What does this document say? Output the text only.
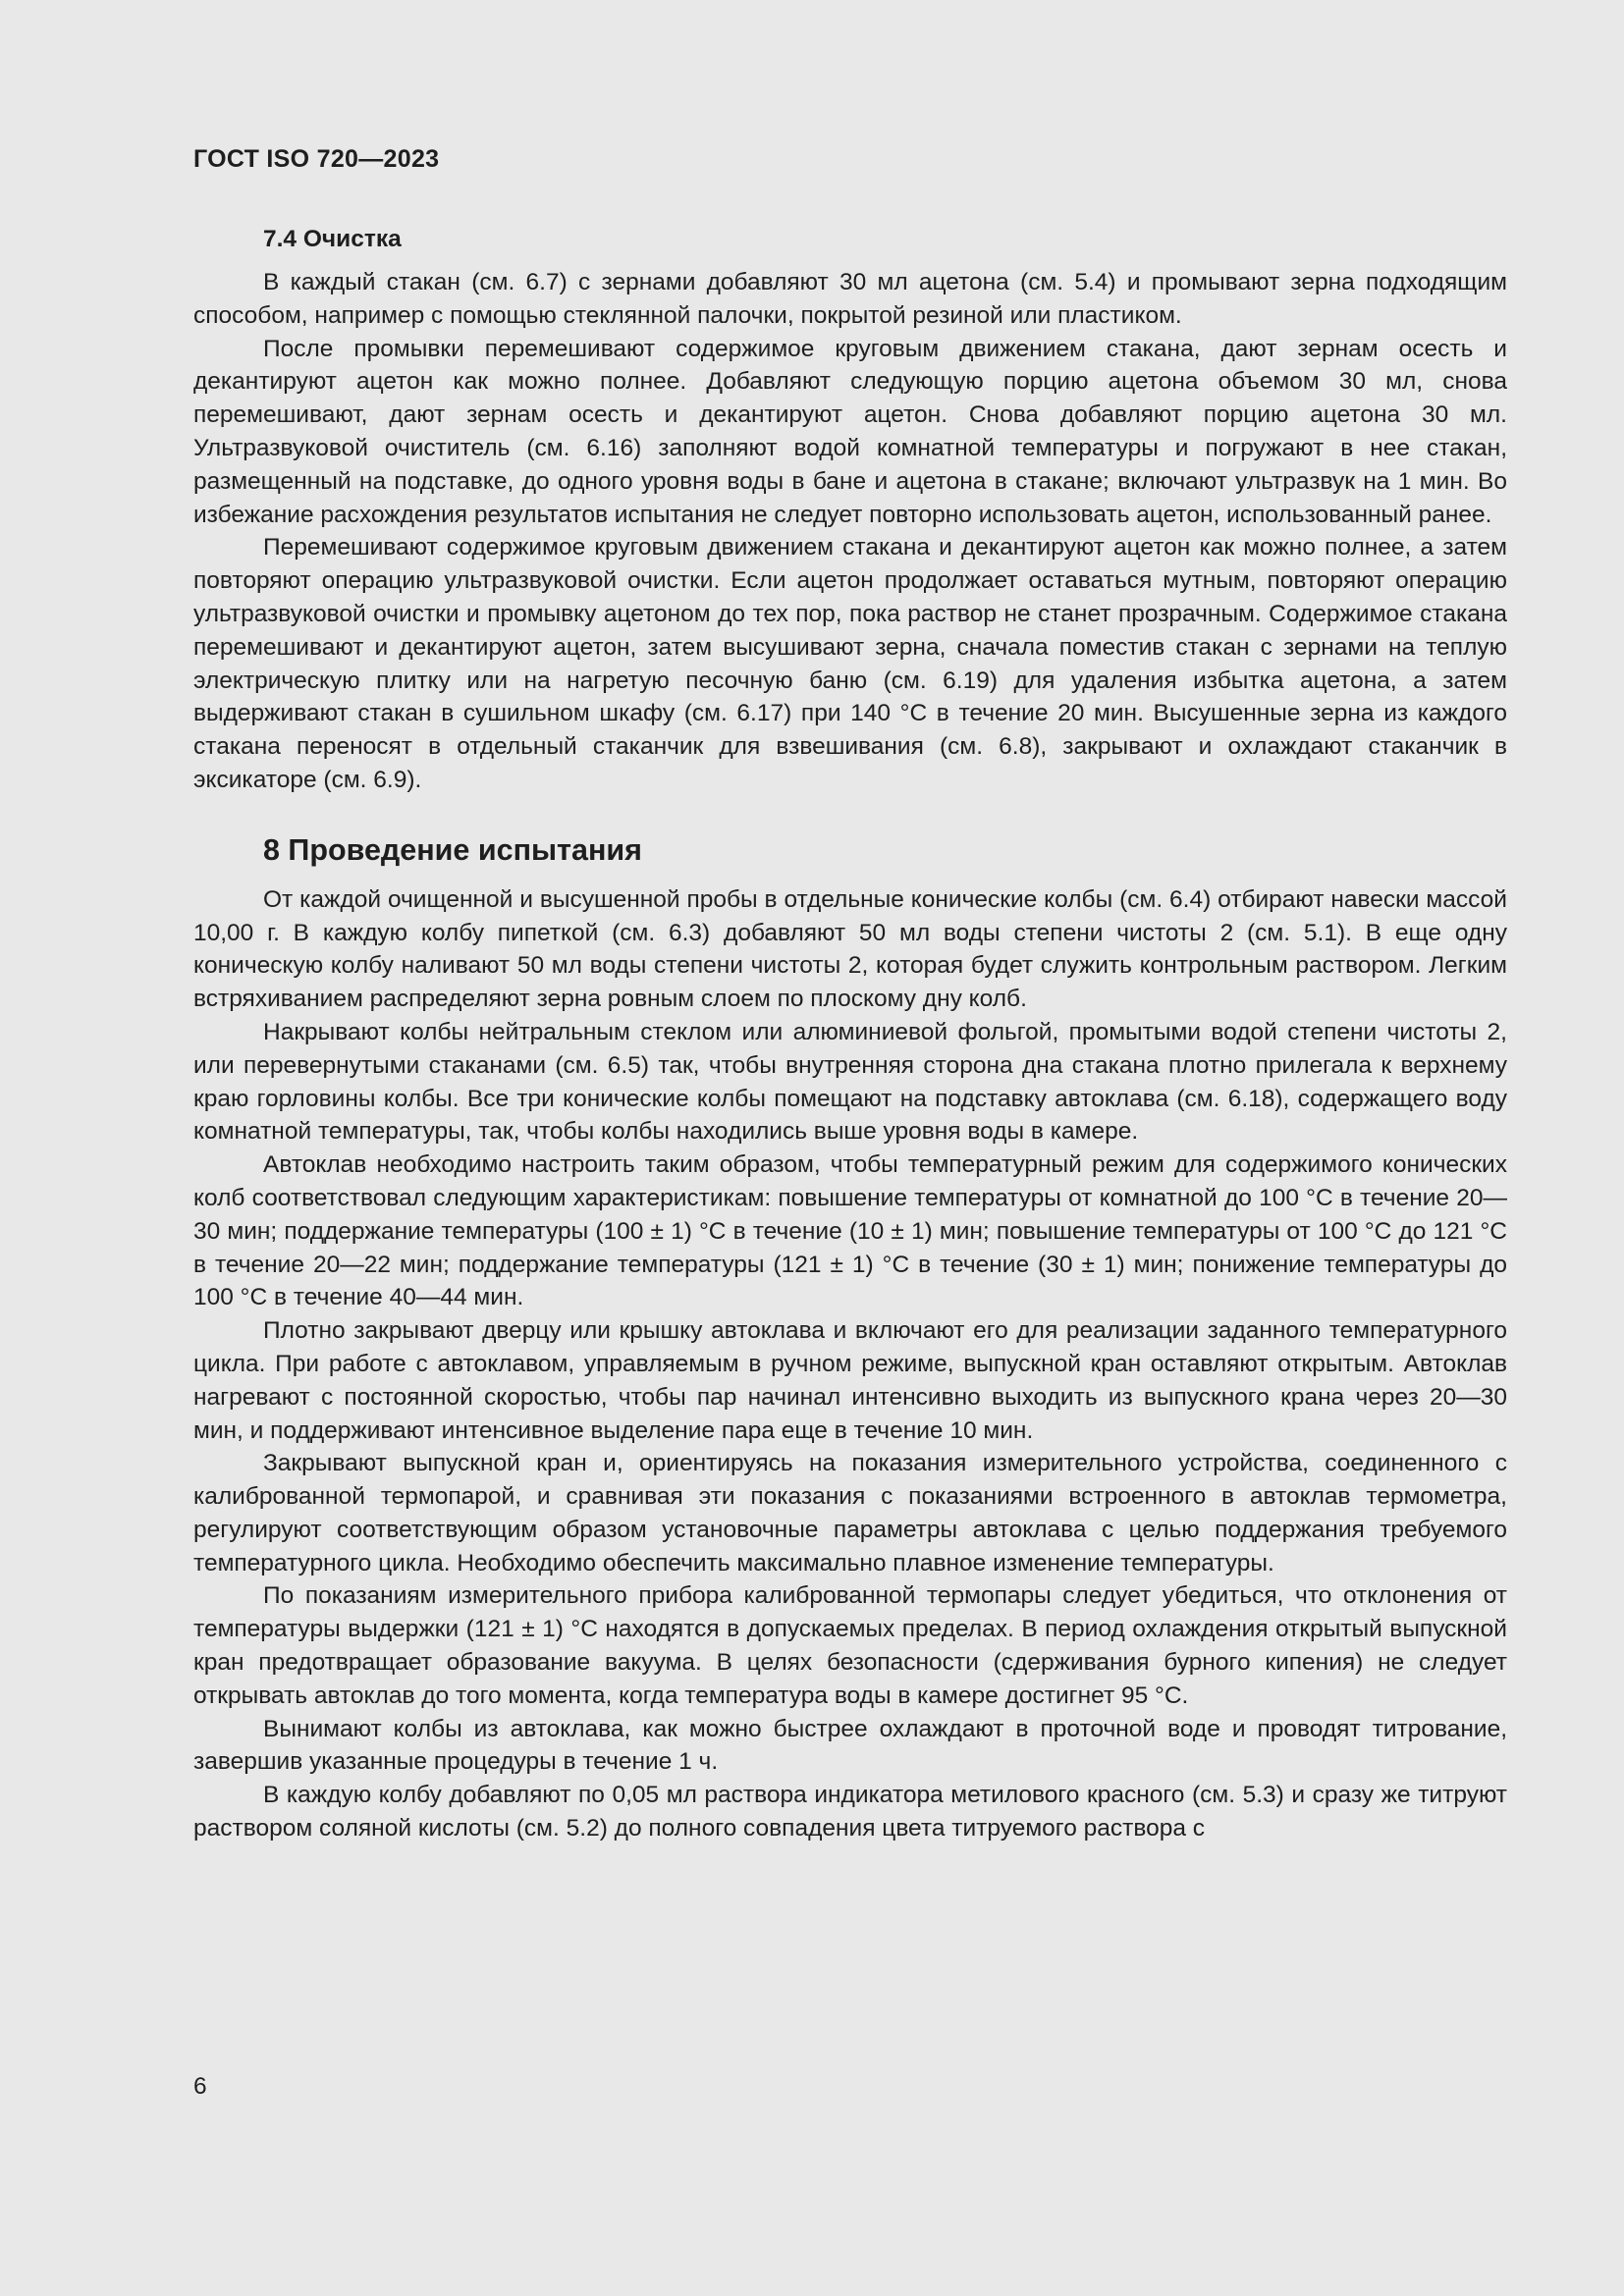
ГОСТ ISO 720—2023
7.4 Очистка

В каждый стакан (см. 6.7) с зернами добавляют 30 мл ацетона (см. 5.4) и промывают зерна подходящим способом, например с помощью стеклянной палочки, покрытой резиной или пластиком.

После промывки перемешивают содержимое круговым движением стакана, дают зернам осесть и декантируют ацетон как можно полнее. Добавляют следующую порцию ацетона объемом 30 мл, снова перемешивают, дают зернам осесть и декантируют ацетон. Снова добавляют порцию ацетона 30 мл. Ультразвуковой очиститель (см. 6.16) заполняют водой комнатной температуры и погружают в нее стакан, размещенный на подставке, до одного уровня воды в бане и ацетона в стакане; включают ультразвук на 1 мин. Во избежание расхождения результатов испытания не следует повторно использовать ацетон, использованный ранее.

Перемешивают содержимое круговым движением стакана и декантируют ацетон как можно полнее, а затем повторяют операцию ультразвуковой очистки. Если ацетон продолжает оставаться мутным, повторяют операцию ультразвуковой очистки и промывку ацетоном до тех пор, пока раствор не станет прозрачным. Содержимое стакана перемешивают и декантируют ацетон, затем высушивают зерна, сначала поместив стакан с зернами на теплую электрическую плитку или на нагретую песочную баню (см. 6.19) для удаления избытка ацетона, а затем выдерживают стакан в сушильном шкафу (см. 6.17) при 140 °C в течение 20 мин. Высушенные зерна из каждого стакана переносят в отдельный стаканчик для взвешивания (см. 6.8), закрывают и охлаждают стаканчик в эксикаторе (см. 6.9).

8 Проведение испытания

От каждой очищенной и высушенной пробы в отдельные конические колбы (см. 6.4) отбирают навески массой 10,00 г. В каждую колбу пипеткой (см. 6.3) добавляют 50 мл воды степени чистоты 2 (см. 5.1). В еще одну коническую колбу наливают 50 мл воды степени чистоты 2, которая будет служить контрольным раствором. Легким встряхиванием распределяют зерна ровным слоем по плоскому дну колб.

Накрывают колбы нейтральным стеклом или алюминиевой фольгой, промытыми водой степени чистоты 2, или перевернутыми стаканами (см. 6.5) так, чтобы внутренняя сторона дна стакана плотно прилегала к верхнему краю горловины колбы. Все три конические колбы помещают на подставку автоклава (см. 6.18), содержащего воду комнатной температуры, так, чтобы колбы находились выше уровня воды в камере.

Автоклав необходимо настроить таким образом, чтобы температурный режим для содержимого конических колб соответствовал следующим характеристикам: повышение температуры от комнатной до 100 °C в течение 20—30 мин; поддержание температуры (100 ± 1) °C в течение (10 ± 1) мин; повышение температуры от 100 °C до 121 °C в течение 20—22 мин; поддержание температуры (121 ± 1) °C в течение (30 ± 1) мин; понижение температуры до 100 °C в течение 40—44 мин.

Плотно закрывают дверцу или крышку автоклава и включают его для реализации заданного температурного цикла. При работе с автоклавом, управляемым в ручном режиме, выпускной кран оставляют открытым. Автоклав нагревают с постоянной скоростью, чтобы пар начинал интенсивно выходить из выпускного крана через 20—30 мин, и поддерживают интенсивное выделение пара еще в течение 10 мин.

Закрывают выпускной кран и, ориентируясь на показания измерительного устройства, соединенного с калиброванной термопарой, и сравнивая эти показания с показаниями встроенного в автоклав термометра, регулируют соответствующим образом установочные параметры автоклава с целью поддержания требуемого температурного цикла. Необходимо обеспечить максимально плавное изменение температуры.

По показаниям измерительного прибора калиброванной термопары следует убедиться, что отклонения от температуры выдержки (121 ± 1) °C находятся в допускаемых пределах. В период охлаждения открытый выпускной кран предотвращает образование вакуума. В целях безопасности (сдерживания бурного кипения) не следует открывать автоклав до того момента, когда температура воды в камере достигнет 95 °C.

Вынимают колбы из автоклава, как можно быстрее охлаждают в проточной воде и проводят титрование, завершив указанные процедуры в течение 1 ч.

В каждую колбу добавляют по 0,05 мл раствора индикатора метилового красного (см. 5.3) и сразу же титруют раствором соляной кислоты (см. 5.2) до полного совпадения цвета титруемого раствора с

6
